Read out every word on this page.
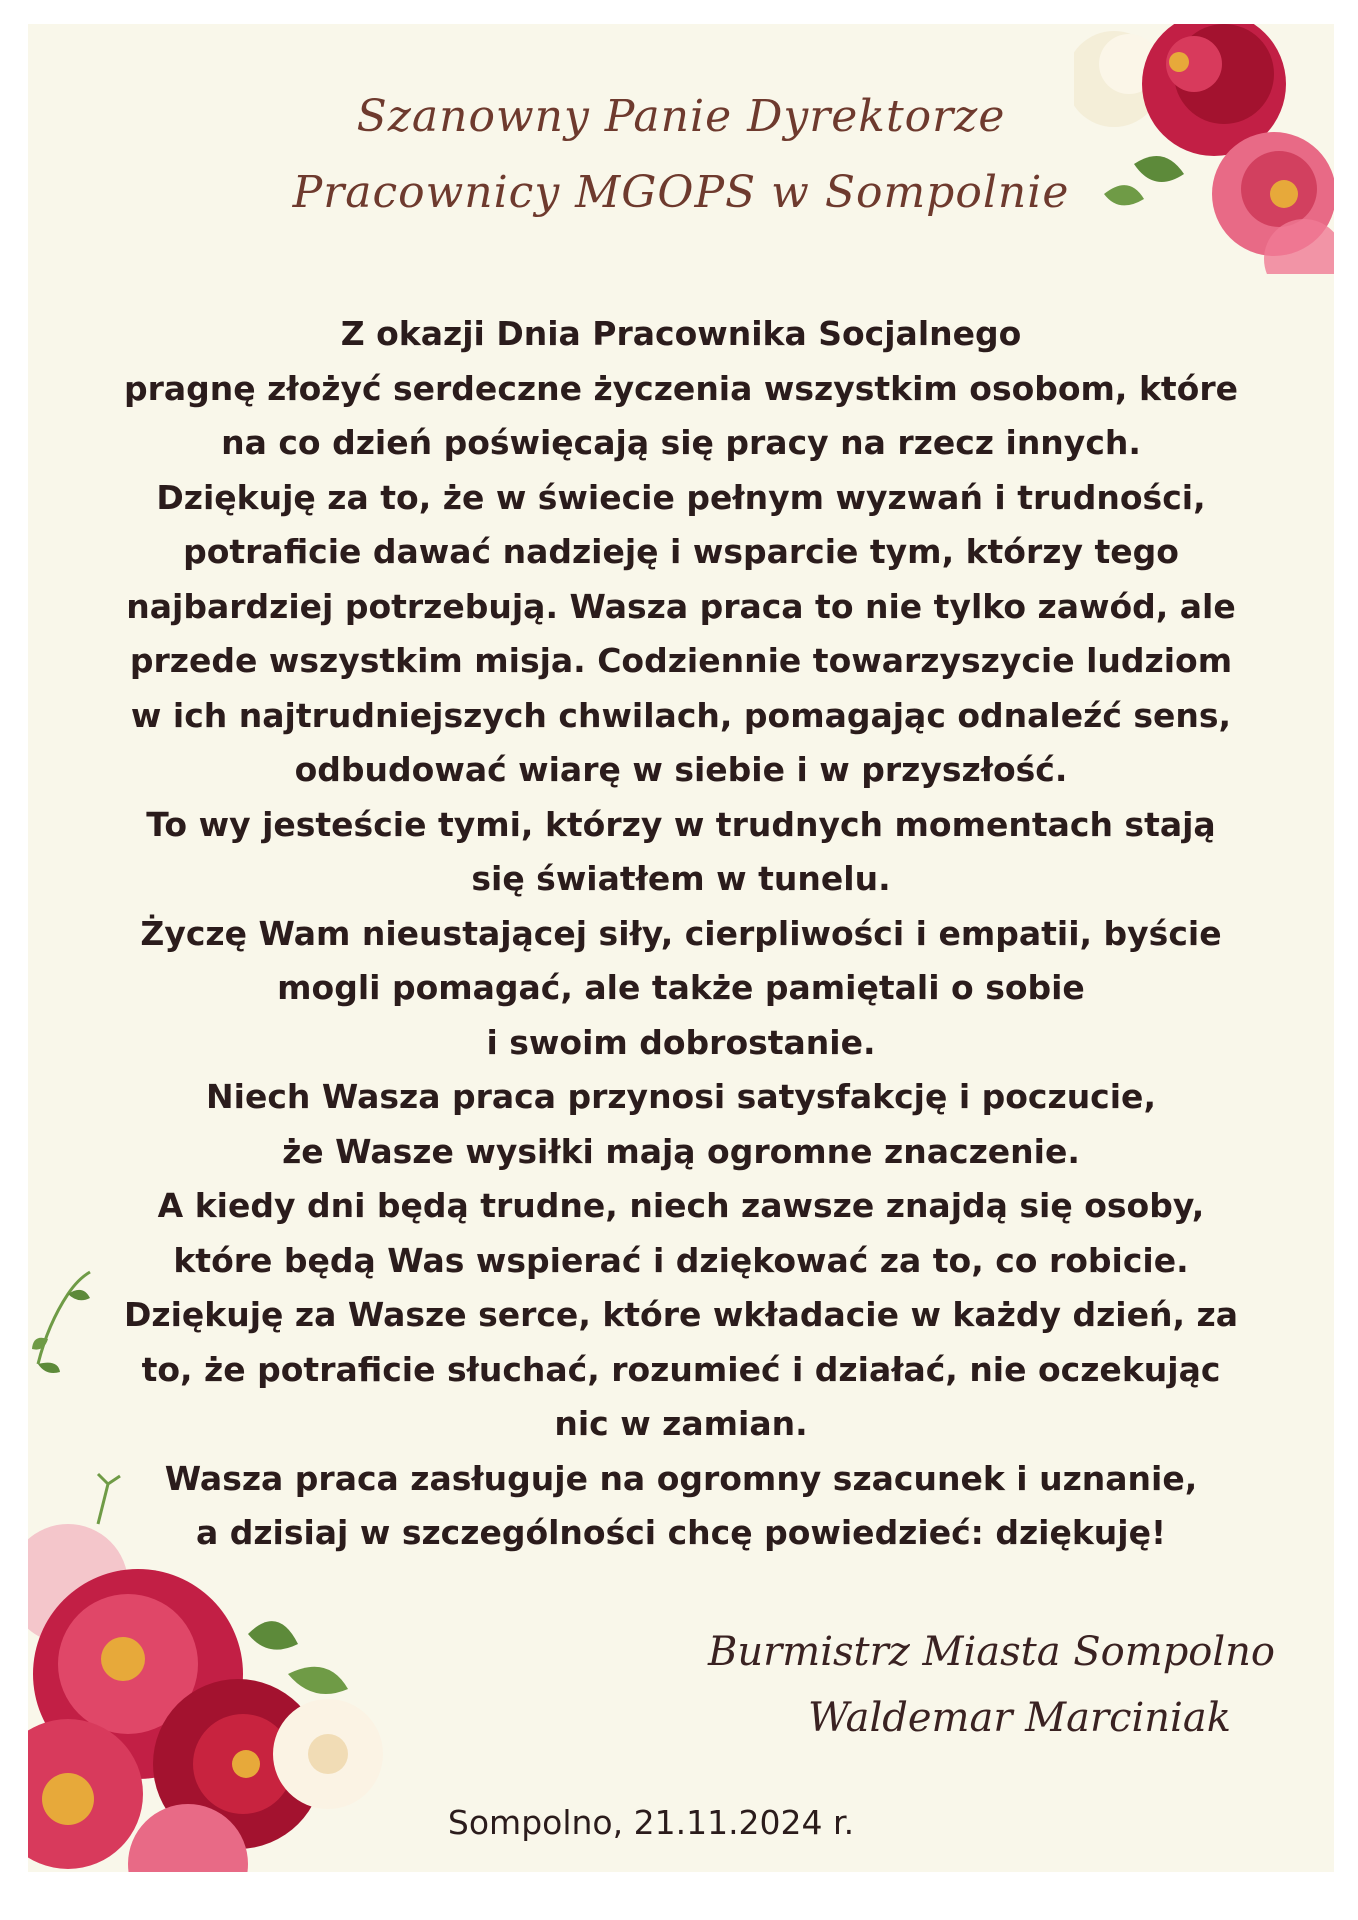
Szanowny Panie Dyrektorze
Pracownicy MGOPS w Sompolnie
Z okazji Dnia Pracownika Socjalnego
pragnę złożyć serdeczne życzenia wszystkim osobom, które
na co dzień poświęcają się pracy na rzecz innych.
Dziękuję za to, że w świecie pełnym wyzwań i trudności,
potraficie dawać nadzieję i wsparcie tym, którzy tego
najbardziej potrzebują. Wasza praca to nie tylko zawód, ale
przede wszystkim misja. Codziennie towarzyszycie ludziom
w ich najtrudniejszych chwilach, pomagając odnaleźć sens,
odbudować wiarę w siebie i w przyszłość.
To wy jesteście tymi, którzy w trudnych momentach stają
się światłem w tunelu.
Życzę Wam nieustającej siły, cierpliwości i empatii, byście
mogli pomagać, ale także pamiętali o sobie
i swoim dobrostanie.
Niech Wasza praca przynosi satysfakcję i poczucie,
że Wasze wysiłki mają ogromne znaczenie.
A kiedy dni będą trudne, niech zawsze znajdą się osoby,
które będą Was wspierać i dziękować za to, co robicie.
Dziękuję za Wasze serce, które wkładacie w każdy dzień, za
to, że potraficie słuchać, rozumieć i działać, nie oczekując
nic w zamian.
Wasza praca zasługuje na ogromny szacunek i uznanie,
a dzisiaj w szczególności chcę powiedzieć: dziękuję!
Burmistrz Miasta Sompolno
Waldemar Marciniak
Sompolno, 21.11.2024 r.
